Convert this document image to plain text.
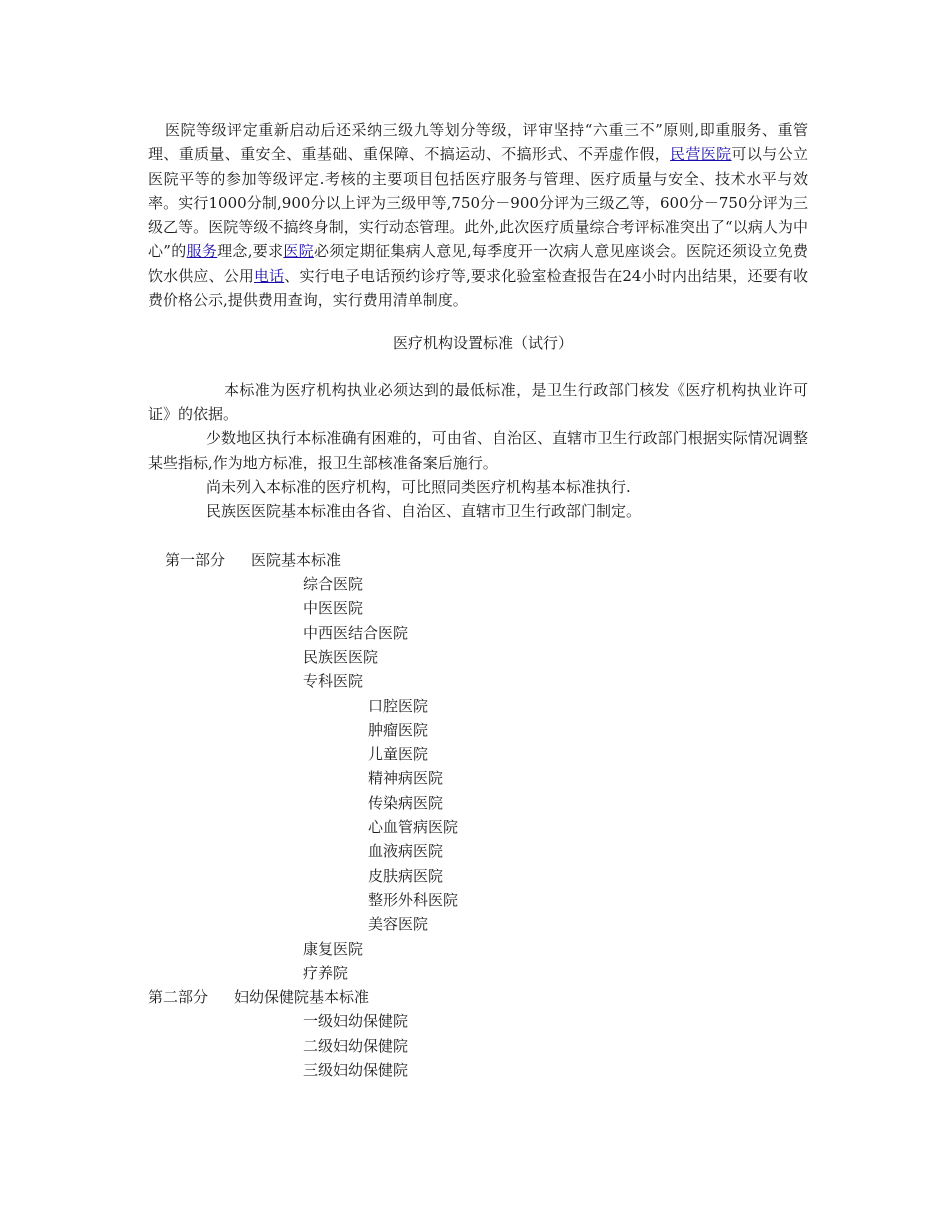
医院等级评定重新启动后还采纳三级九等划分等级，评审坚持“六重三不”原则,即重服务、重管理、重质量、重安全、重基础、重保障、不搞运动、不搞形式、不弄虚作假，民营医院可以与公立医院平等的参加等级评定.考核的主要项目包括医疗服务与管理、医疗质量与安全、技术水平与效率。实行1000分制,900分以上评为三级甲等,750分－900分评为三级乙等，600分－750分评为三级乙等。医院等级不搞终身制，实行动态管理。此外,此次医疗质量综合考评标准突出了“以病人为中心”的服务理念,要求医院必须定期征集病人意见,每季度开一次病人意见座谈会。医院还须设立免费饮水供应、公用电话、实行电子电话预约诊疗等,要求化验室检查报告在24小时内出结果，还要有收费价格公示,提供费用查询，实行费用清单制度。

医疗机构设置标准（试行）

本标准为医疗机构执业必须达到的最低标准，是卫生行政部门核发《医疗机构执业许可证》的依据。

少数地区执行本标准确有困难的，可由省、自治区、直辖市卫生行政部门根据实际情况调整某些指标,作为地方标准，报卫生部核准备案后施行。

尚未列入本标准的医疗机构，可比照同类医疗机构基本标准执行.

民族医医院基本标准由各省、自治区、直辖市卫生行政部门制定。

第一部分 医院基本标准

综合医院

中医医院

中西医结合医院

民族医医院

专科医院

口腔医院

肿瘤医院

儿童医院

精神病医院

传染病医院

心血管病医院

血液病医院

皮肤病医院

整形外科医院

美容医院

康复医院

疗养院

第二部分 妇幼保健院基本标准

一级妇幼保健院

二级妇幼保健院

三级妇幼保健院
